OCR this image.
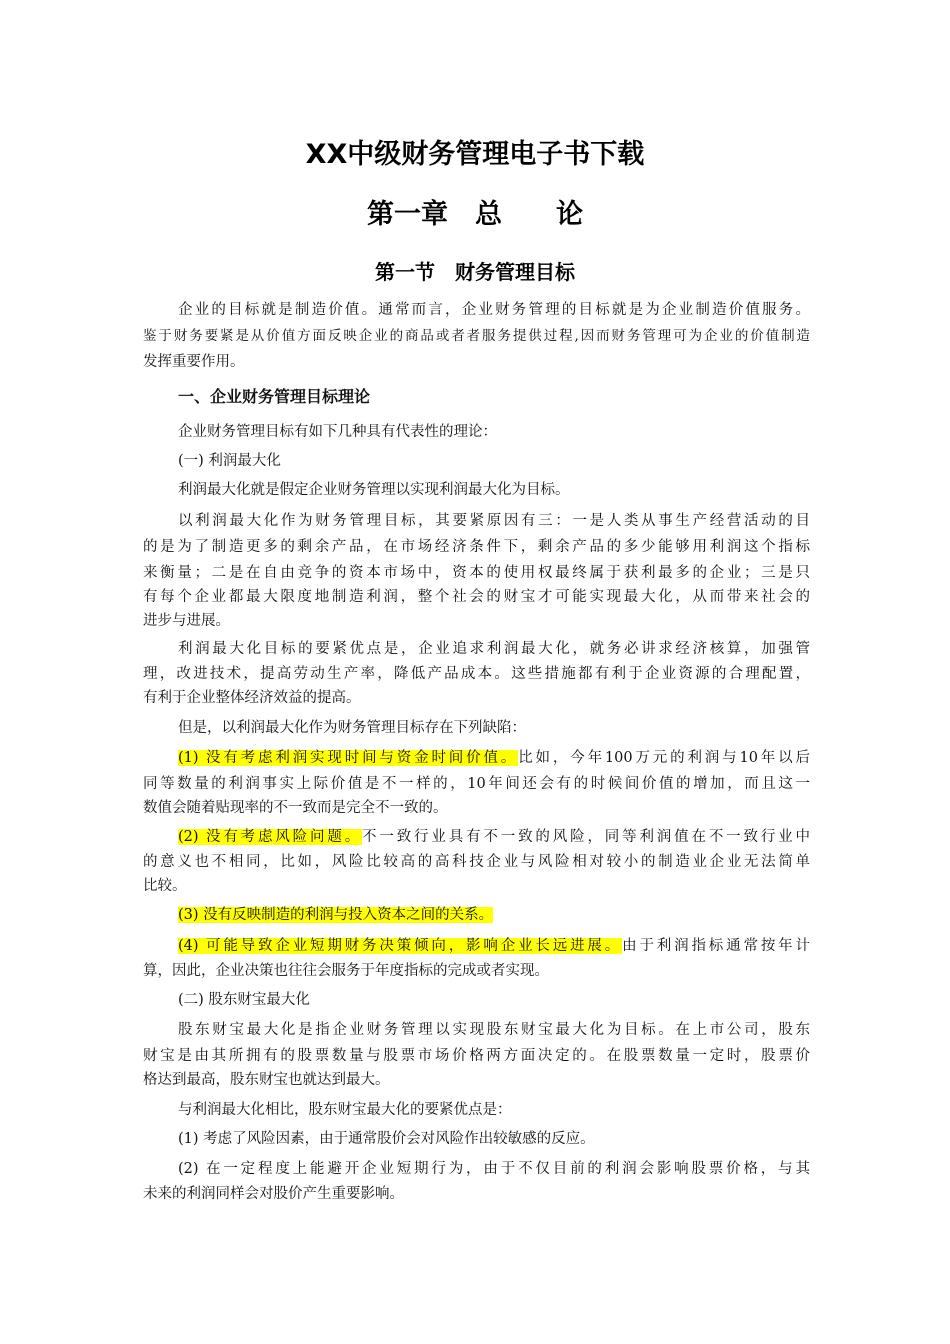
XX中级财务管理电子书下载
第一章　总　　论
第一节　财务管理目标
企业的目标就是制造价值。通常而言，企业财务管理的目标就是为企业制造价值服务。
鉴于财务要紧是从价值方面反映企业的商品或者者服务提供过程,因而财务管理可为企业的价值制造
发挥重要作用。
一、企业财务管理目标理论
企业财务管理目标有如下几种具有代表性的理论：
(一) 利润最大化
利润最大化就是假定企业财务管理以实现利润最大化为目标。
以利润最大化作为财务管理目标，其要紧原因有三：一是人类从事生产经营活动的目
的是为了制造更多的剩余产品，在市场经济条件下，剩余产品的多少能够用利润这个指标
来衡量；二是在自由竞争的资本市场中，资本的使用权最终属于获利最多的企业；三是只
有每个企业都最大限度地制造利润，整个社会的财宝才可能实现最大化，从而带来社会的
进步与进展。
利润最大化目标的要紧优点是，企业追求利润最大化，就务必讲求经济核算，加强管
理，改进技术，提高劳动生产率，降低产品成本。这些措施都有利于企业资源的合理配置，
有利于企业整体经济效益的提高。
但是，以利润最大化作为财务管理目标存在下列缺陷：
(1) 没有考虑利润实现时间与资金时间价值。比如，今年100万元的利润与10年以后
同等数量的利润事实上际价值是不一样的，10年间还会有的时候间价值的增加，而且这一
数值会随着贴现率的不一致而是完全不一致的。
(2) 没有考虑风险问题。不一致行业具有不一致的风险，同等利润值在不一致行业中
的意义也不相同，比如，风险比较高的高科技企业与风险相对较小的制造业企业无法简单
比较。
(3) 没有反映制造的利润与投入资本之间的关系。
(4) 可能导致企业短期财务决策倾向，影响企业长远进展。由于利润指标通常按年计
算，因此，企业决策也往往会服务于年度指标的完成或者实现。
(二) 股东财宝最大化
股东财宝最大化是指企业财务管理以实现股东财宝最大化为目标。在上市公司，股东
财宝是由其所拥有的股票数量与股票市场价格两方面决定的。在股票数量一定时，股票价
格达到最高，股东财宝也就达到最大。
与利润最大化相比，股东财宝最大化的要紧优点是：
(1) 考虑了风险因素，由于通常股价会对风险作出较敏感的反应。
(2) 在一定程度上能避开企业短期行为，由于不仅目前的利润会影响股票价格，与其
未来的利润同样会对股价产生重要影响。
